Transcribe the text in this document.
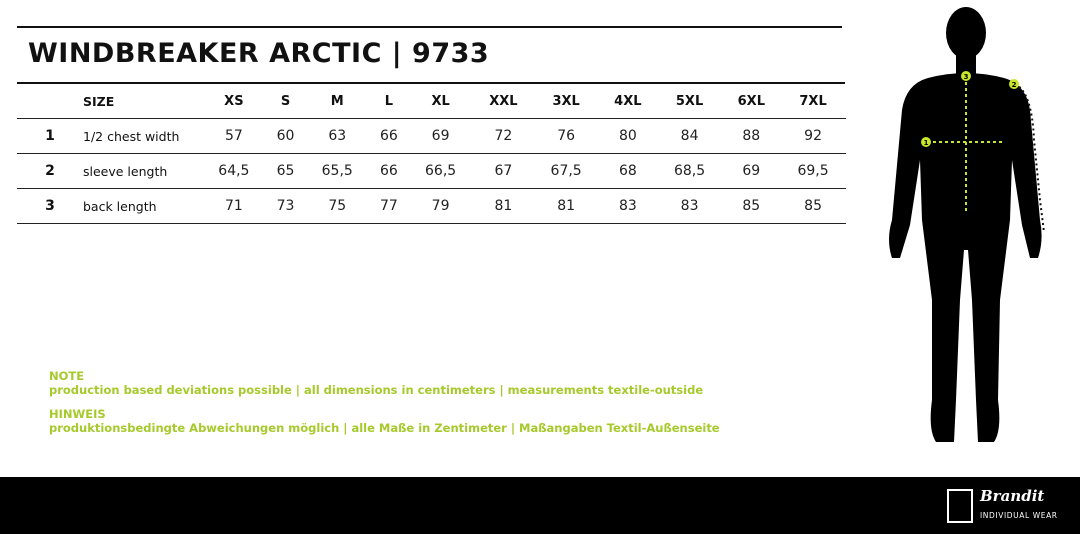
WINDBREAKER ARCTIC | 9733
	SIZE	XS	S	M	L	XL	XXL	3XL	4XL	5XL	6XL	7XL
1	1/2 chest width	57	60	63	66	69	72	76	80	84	88	92
2	sleeve length	64,5	65	65,5	66	66,5	67	67,5	68	68,5	69	69,5
3	back length	71	73	75	77	79	81	81	83	83	85	85
NOTE
production based deviations possible | all dimensions in centimeters | measurements textile-outside
HINWEIS
produktionsbedingte Abweichungen möglich | alle Maße in Zentimeter | Maßangaben Textil-Außenseite
1
2
3
Brandit
INDIVIDUAL WEAR
